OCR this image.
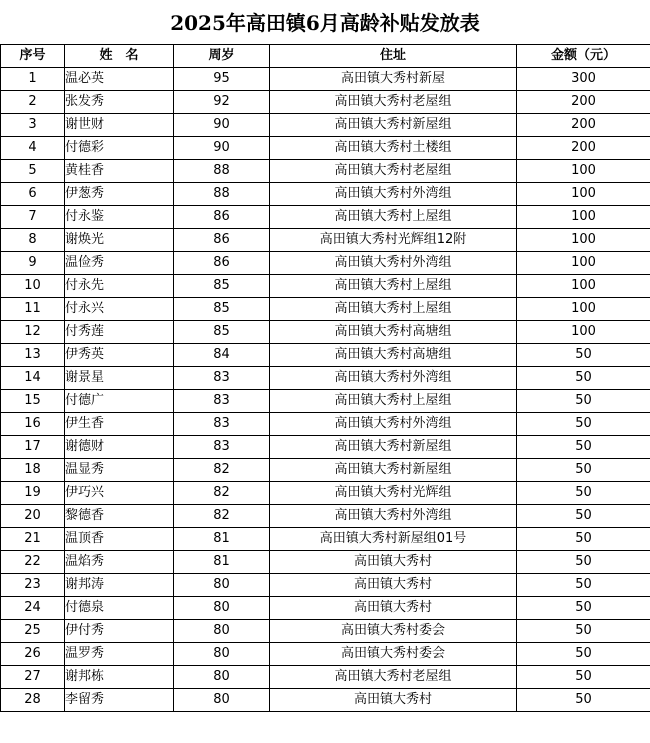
2025年高田镇6月高龄补贴发放表
序号	姓　名	周岁	住址	金额（元）
1	温必英	95	高田镇大秀村新屋	300
2	张发秀	92	高田镇大秀村老屋组	200
3	谢世财	90	高田镇大秀村新屋组	200
4	付德彩	90	高田镇大秀村土楼组	200
5	黄桂香	88	高田镇大秀村老屋组	100
6	伊葱秀	88	高田镇大秀村外湾组	100
7	付永鉴	86	高田镇大秀村上屋组	100
8	谢焕光	86	高田镇大秀村光辉组12附	100
9	温俭秀	86	高田镇大秀村外湾组	100
10	付永先	85	高田镇大秀村上屋组	100
11	付永兴	85	高田镇大秀村上屋组	100
12	付秀莲	85	高田镇大秀村高塘组	100
13	伊秀英	84	高田镇大秀村高塘组	50
14	谢景星	83	高田镇大秀村外湾组	50
15	付德广	83	高田镇大秀村上屋组	50
16	伊生香	83	高田镇大秀村外湾组	50
17	谢德财	83	高田镇大秀村新屋组	50
18	温显秀	82	高田镇大秀村新屋组	50
19	伊巧兴	82	高田镇大秀村光辉组	50
20	黎德香	82	高田镇大秀村外湾组	50
21	温顶香	81	高田镇大秀村新屋组01号	50
22	温焰秀	81	高田镇大秀村	50
23	谢邦涛	80	高田镇大秀村	50
24	付德泉	80	高田镇大秀村	50
25	伊付秀	80	高田镇大秀村委会	50
26	温罗秀	80	高田镇大秀村委会	50
27	谢邦栋	80	高田镇大秀村老屋组	50
28	李留秀	80	高田镇大秀村	50
